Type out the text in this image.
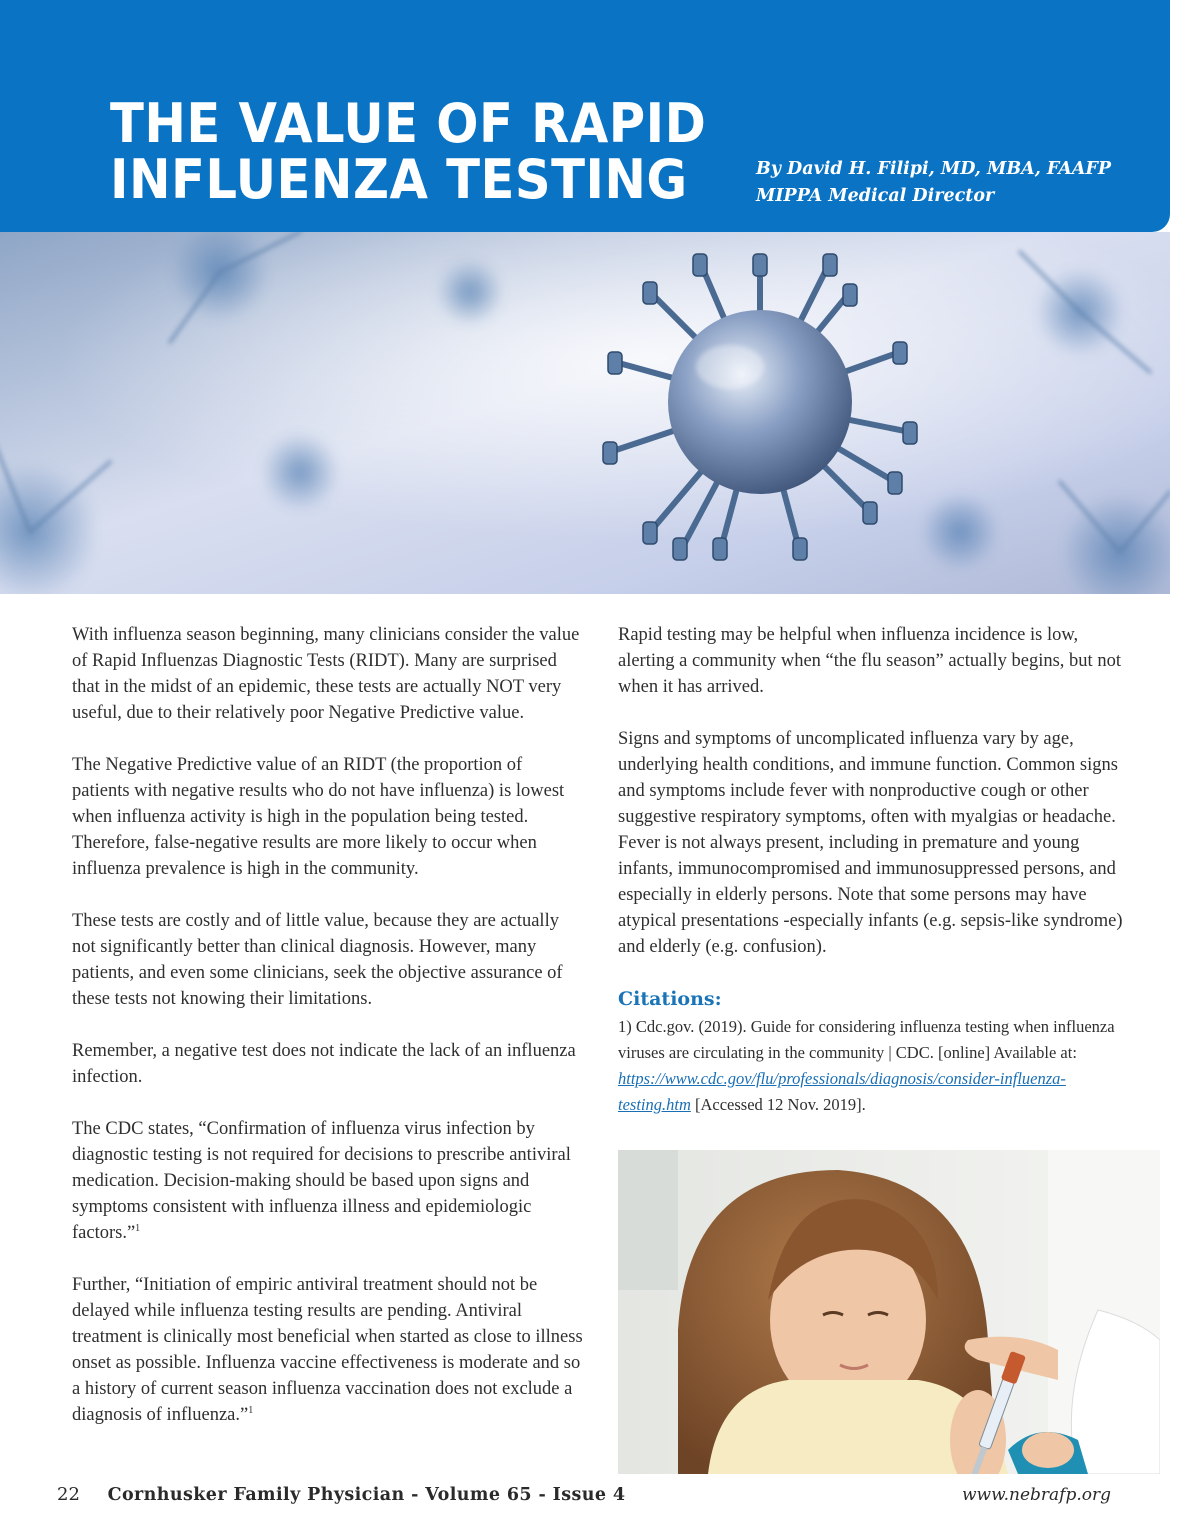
THE VALUE OF RAPID
INFLUENZA TESTING	By David H. Filipi, MD, MBA, FAAFP
MIPPA Medical Director

With influenza season beginning, many clinicians consider the value of Rapid Influenzas Diagnostic Tests (RIDT). Many are surprised that in the midst of an epidemic, these tests are actually NOT very useful, due to their relatively poor Negative Predictive value.

The Negative Predictive value of an RIDT (the proportion of patients with negative results who do not have influenza) is lowest when influenza activity is high in the population being tested. Therefore, false-negative results are more likely to occur when influenza prevalence is high in the community.

These tests are costly and of little value, because they are actually not significantly better than clinical diagnosis. However, many patients, and even some clinicians, seek the objective assurance of these tests not knowing their limitations.

Remember, a negative test does not indicate the lack of an influenza infection.

The CDC states, “Confirmation of influenza virus infection by diagnostic testing is not required for decisions to prescribe antiviral medication. Decision-making should be based upon signs and symptoms consistent with influenza illness and epidemiologic factors.”$^1$

Further, “Initiation of empiric antiviral treatment should not be delayed while influenza testing results are pending. Antiviral treatment is clinically most beneficial when started as close to illness onset as possible. Influenza vaccine effectiveness is moderate and so a history of current season influenza vaccination does not exclude a diagnosis of influenza.”$^1$

Rapid testing may be helpful when influenza incidence is low, alerting a community when “the flu season” actually begins, but not when it has arrived.

Signs and symptoms of uncomplicated influenza vary by age, underlying health conditions, and immune function. Common signs and symptoms include fever with nonproductive cough or other suggestive respiratory symptoms, often with myalgias or headache. Fever is not always present, including in premature and young infants, immunocompromised and immunosuppressed persons, and especially in elderly persons. Note that some persons may have atypical presentations -especially infants (e.g. sepsis-like syndrome) and elderly (e.g. confusion).

Citations:
1) Cdc.gov. (2019). Guide for considering influenza testing when influenza viruses are circulating in the community | CDC. [online] Available at: https://www.cdc.gov/flu/professionals/diagnosis/consider-influenza-testing.htm [Accessed 12 Nov. 2019].
22 Cornhusker Family Physician - Volume 65 - Issue 4	www.nebrafp.org
